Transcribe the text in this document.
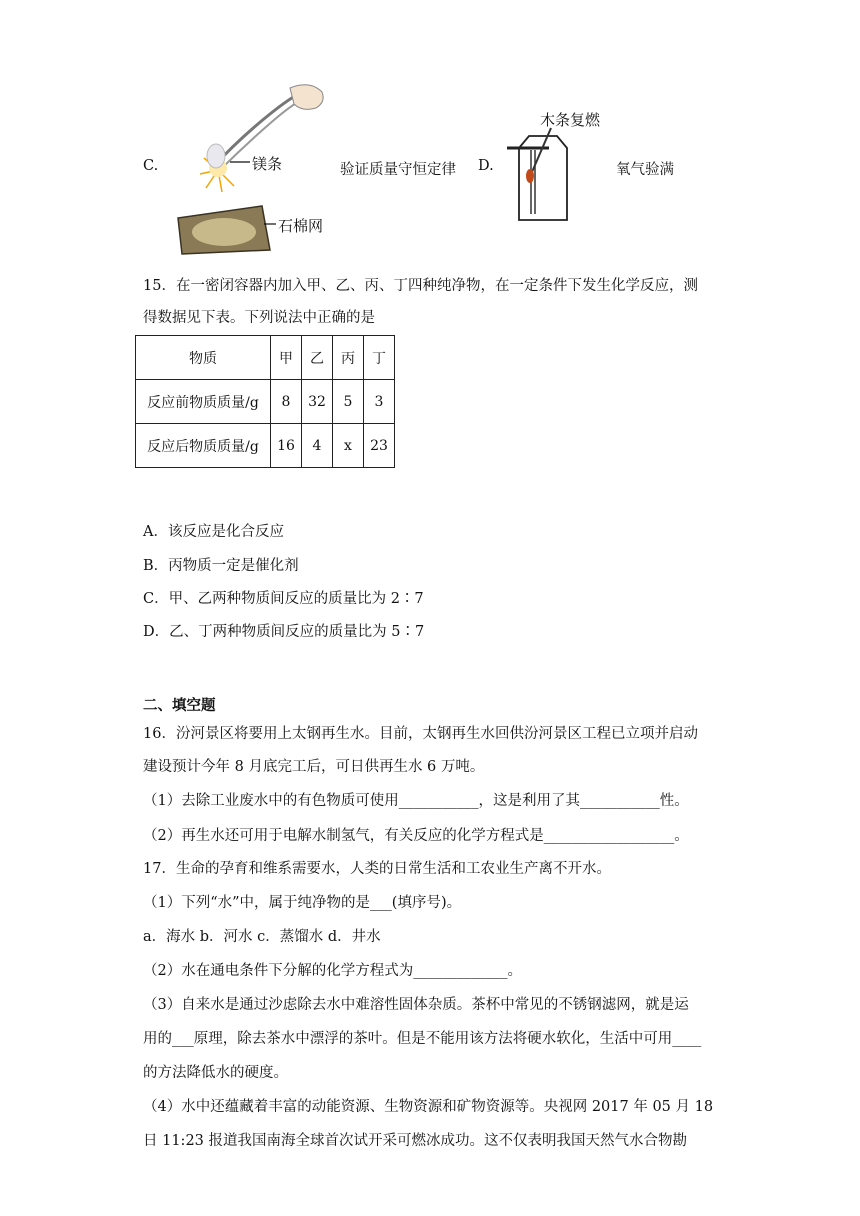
C.	镁条
石棉网
验证质量守恒定律 D.
木条复燃
氧气验满
15．在一密闭容器内加入甲、乙、丙、丁四种纯净物，在一定条件下发生化学反应，测
得数据见下表。下列说法中正确的是
物质	甲	乙	丙	丁
反应前物质质量/g	8	32	5	3
反应后物质质量/g	16	4	x	23
A．该反应是化合反应
B．丙物质一定是催化剂
C．甲、乙两种物质间反应的质量比为 2∶7
D．乙、丁两种物质间反应的质量比为 5∶7
二、填空题
16．汾河景区将要用上太钢再生水。目前，太钢再生水回供汾河景区工程已立项并启动
建设预计今年 8 月底完工后，可日供再生水 6 万吨。
（1）去除工业废水中的有色物质可使用___________，这是利用了其___________性。
（2）再生水还可用于电解水制氢气，有关反应的化学方程式是__________________。
17．生命的孕育和维系需要水，人类的日常生活和工农业生产离不开水。
（1）下列“水”中，属于纯净物的是___(填序号)。
a．海水 b．河水 c．蒸馏水 d．井水
（2）水在通电条件下分解的化学方程式为_____________。
（3）自来水是通过沙虑除去水中难溶性固体杂质。茶杯中常见的不锈钢滤网，就是运
用的___原理，除去茶水中漂浮的茶叶。但是不能用该方法将硬水软化，生活中可用____
的方法降低水的硬度。
（4）水中还蕴藏着丰富的动能资源、生物资源和矿物资源等。央视网 2017 年 05 月 18
日 11:23 报道我国南海全球首次试开采可燃冰成功。这不仅表明我国天然气水合物勘
